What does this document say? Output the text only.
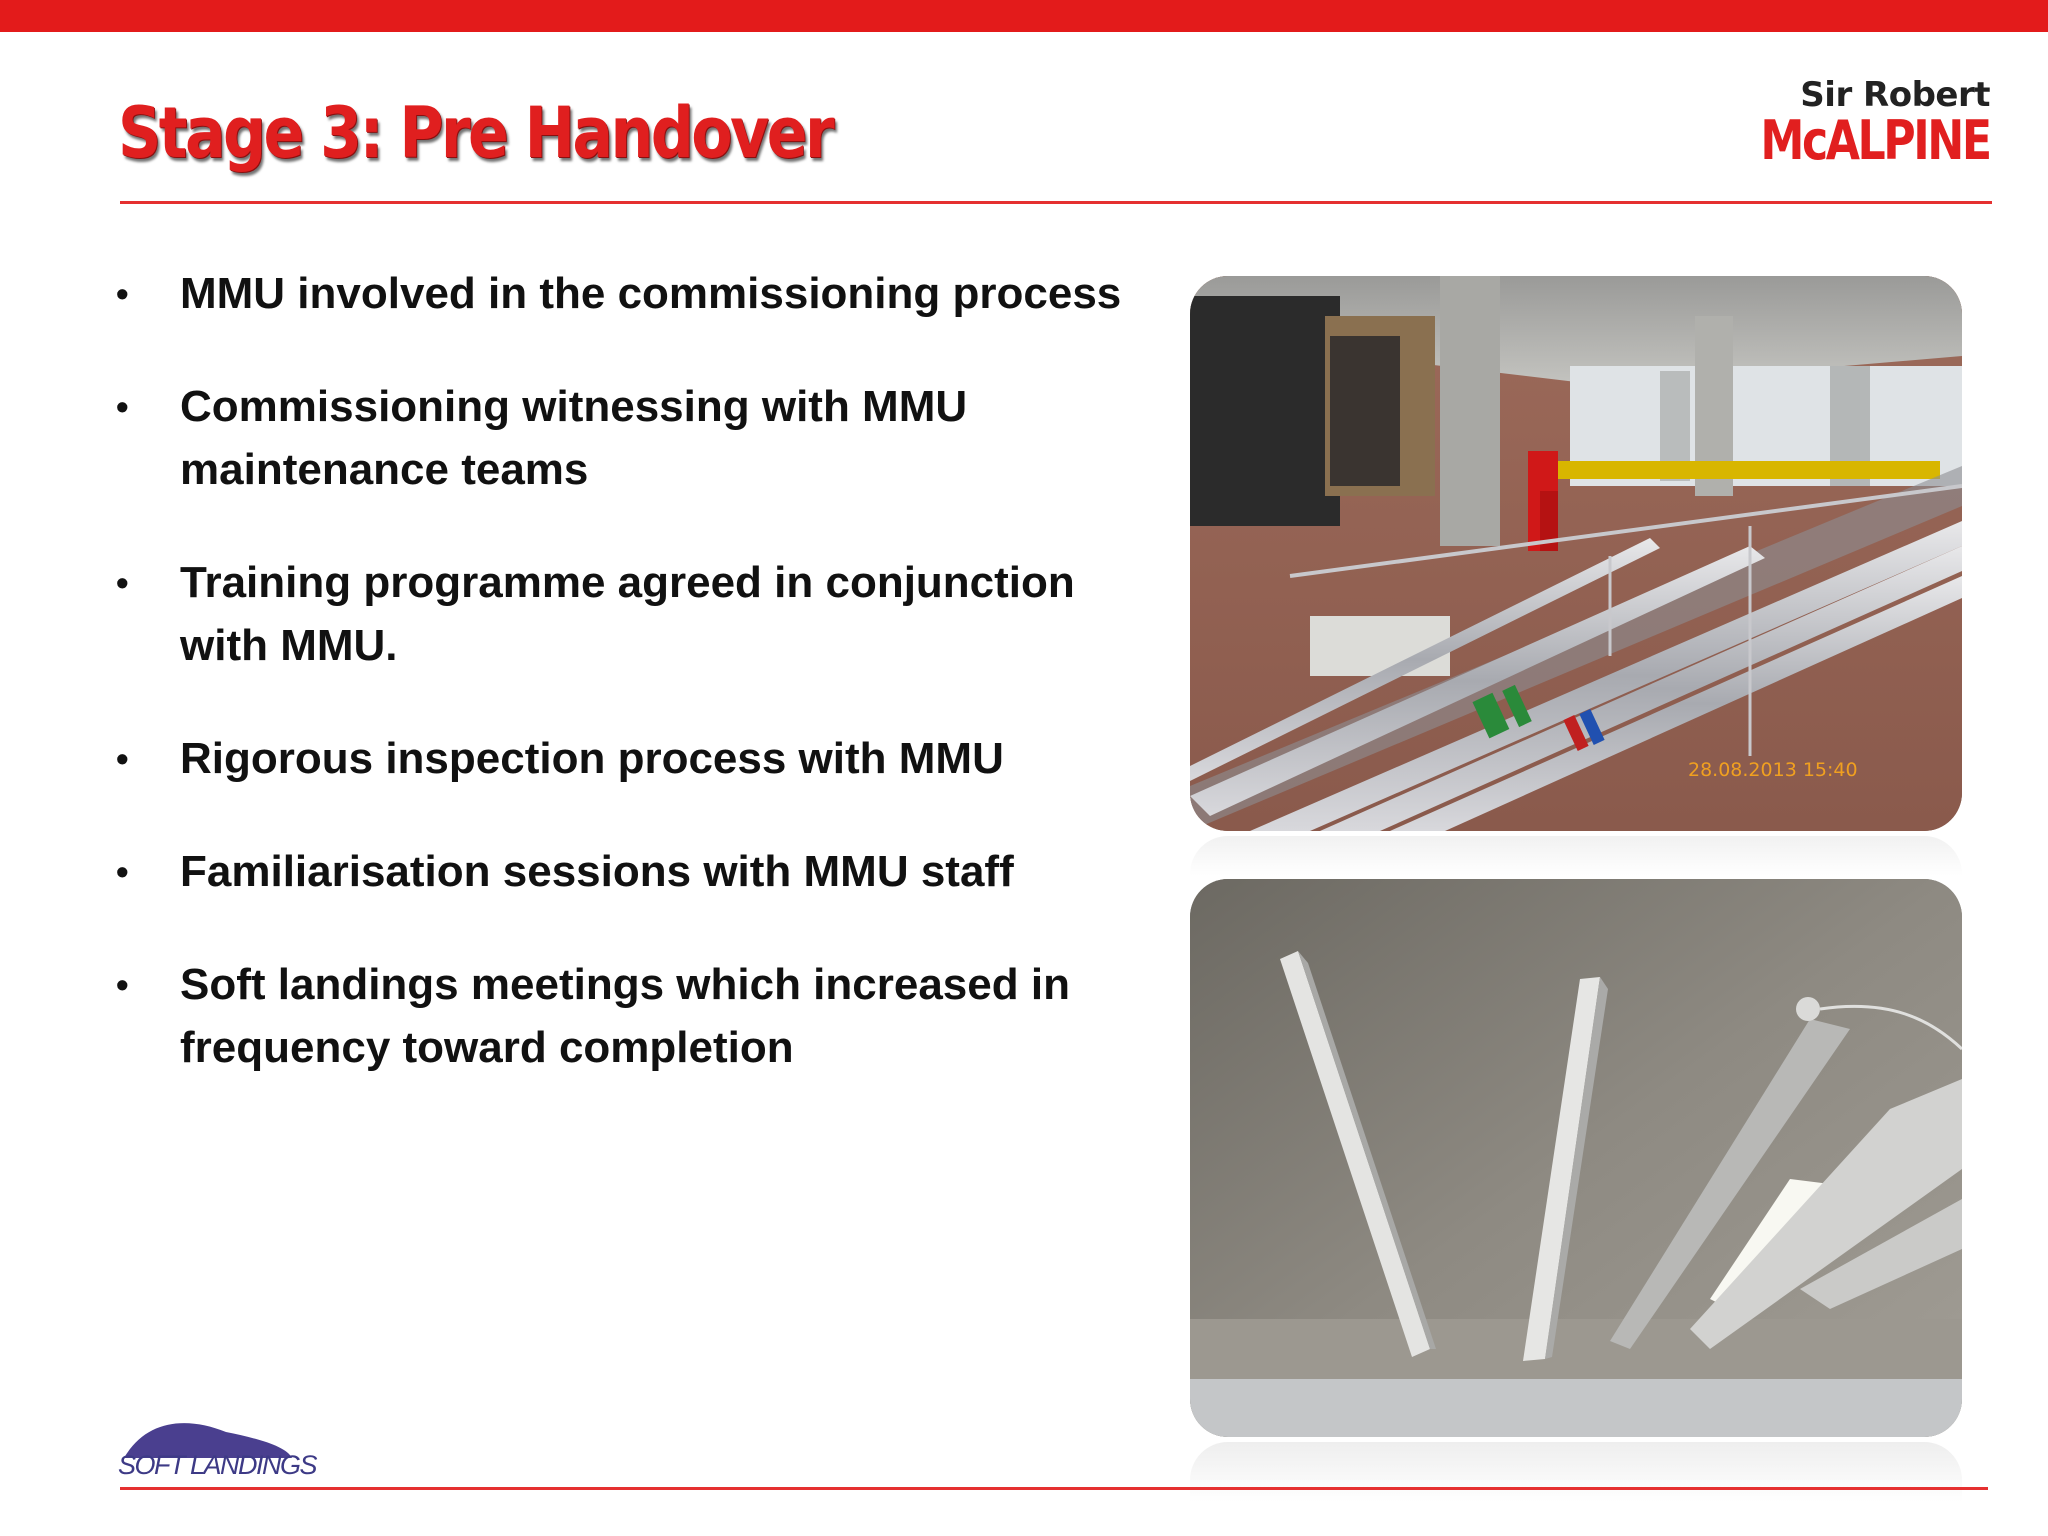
Stage 3: Pre Handover	Sir Robert
McALPINE
• MMU involved in the commissioning process
• Commissioning witnessing with MMU maintenance teams
• Training programme agreed in conjunction with MMU.
• Rigorous inspection process with MMU
• Familiarisation sessions with MMU staff
• Soft landings meetings which increased in frequency toward completion
28.08.2013 15:40
SOFT LANDINGS
